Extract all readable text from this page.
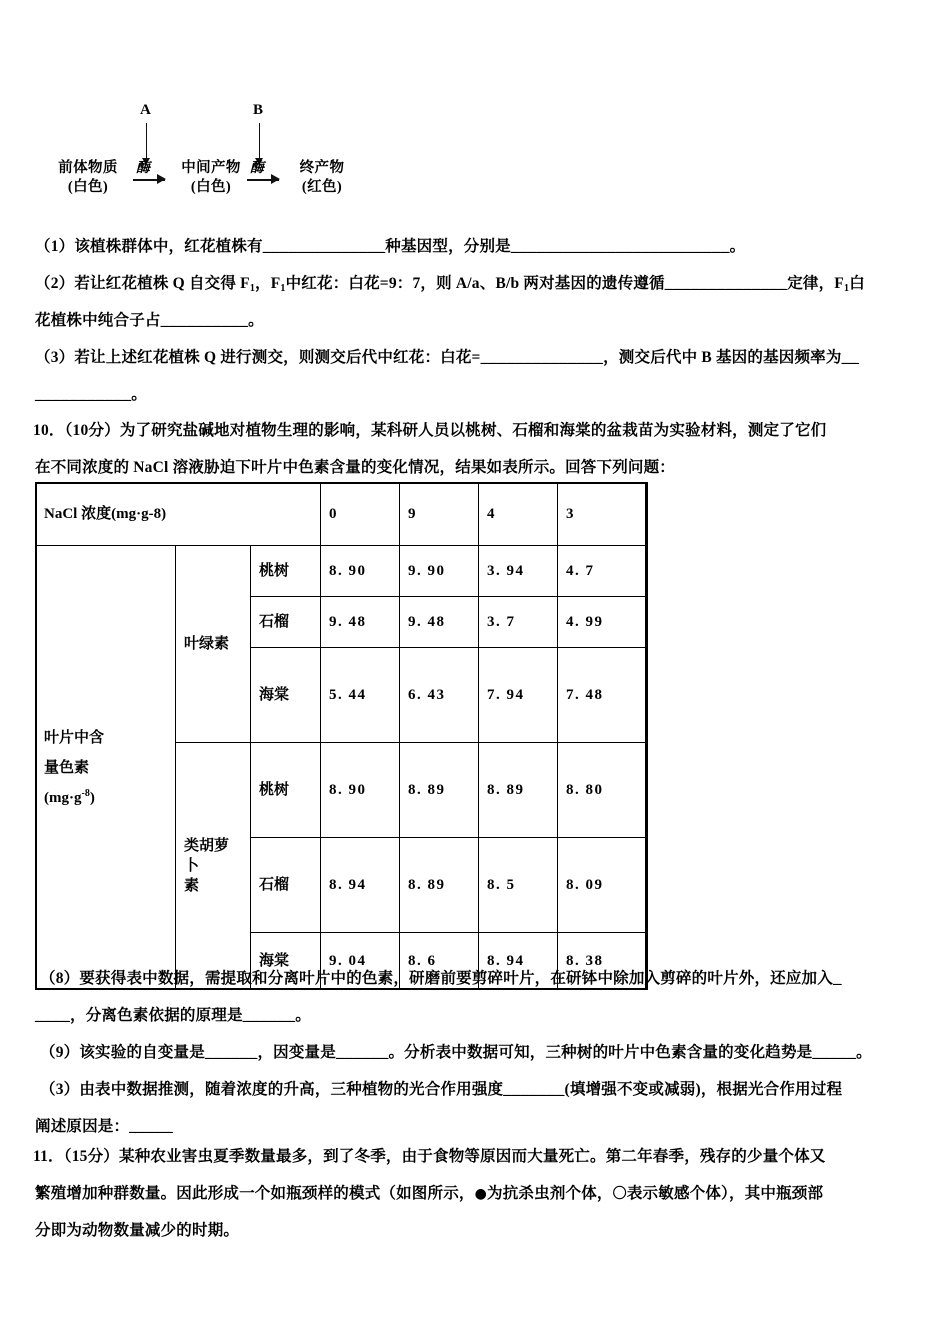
A	B
前体物质
(白色)
中间产物
(白色)
终产物
(红色)
酶	酶
（1）该植株群体中，红花植株有______________种基因型，分别是_________________________。
（2）若让红花植株 Q 自交得 $F_1$，$F_1$中红花：白花=9：7，则 A/a、B/b 两对基因的遗传遵循______________定律，$F_1$白
花植株中纯合子占__________。
（3）若让上述红花植株 Q 进行测交，则测交后代中红花：白花=______________，测交后代中 B 基因的基因频率为__
___________。
10．（10分）为了研究盐碱地对植物生理的影响，某科研人员以桃树、石榴和海棠的盆栽苗为实验材料，测定了它们
在不同浓度的 NaCl 溶液胁迫下叶片中色素含量的变化情况，结果如表所示。回答下列问题：
NaCl 浓度(mg·g-8)			0	9	4	3

叶片中含
量色素
$(mg\cdot g^{-8})$	叶绿素	桃树	8. 90	9. 90	3. 94	4. 7
		石榴	9. 48	9. 48	3. 7	4. 99
		海棠	5. 44	6. 43	7. 94	7. 48

	类胡萝 卜
素	桃树	8. 90	8. 89	8. 89	8. 80
		石榴	8. 94	8. 89	8. 5	8. 09
		海棠	9. 04	8. 6	8. 94	8. 38
（8）要获得表中数据，需提取和分离叶片中的色素，研磨前要剪碎叶片，在研钵中除加入剪碎的叶片外，还应加入_
____，分离色素依据的原理是______。
（9）该实验的自变量是______，因变量是______。分析表中数据可知，三种树的叶片中色素含量的变化趋势是_____。
（3）由表中数据推测，随着浓度的升高，三种植物的光合作用强度_______(填增强不变或减弱)，根据光合作用过程
阐述原因是：_____
11．（15分）某种农业害虫夏季数量最多，到了冬季，由于食物等原因而大量死亡。第二年春季，残存的少量个体又
繁殖增加种群数量。因此形成一个如瓶颈样的模式（如图所示，●为抗杀虫剂个体，〇表示敏感个体），其中瓶颈部
分即为动物数量减少的时期。
